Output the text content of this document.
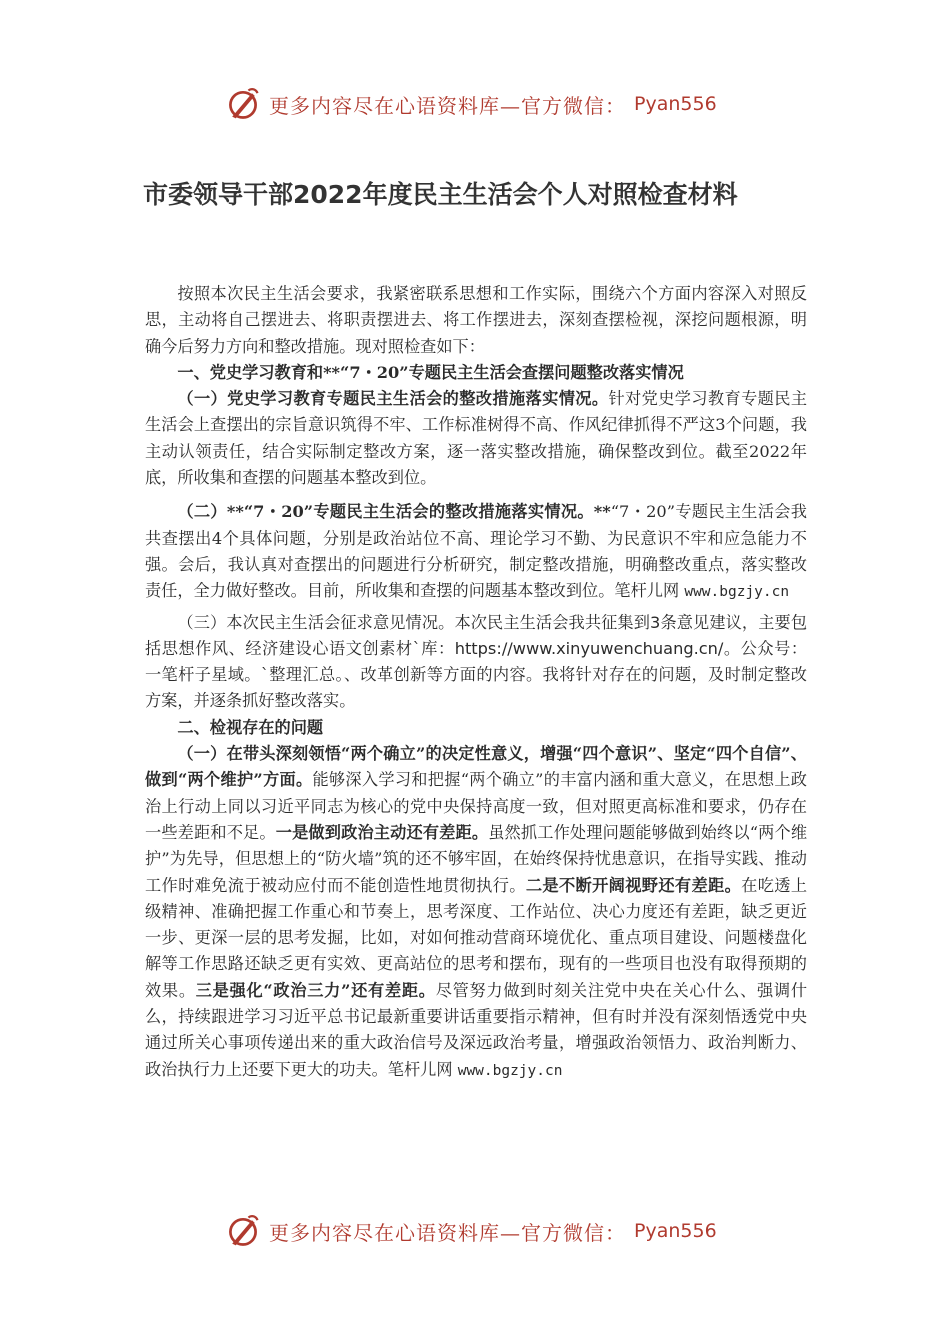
更多内容尽在心语资料库—官方微信： Pyan556
市委领导干部2022年度民主生活会个人对照检查材料

按照本次民主生活会要求，我紧密联系思想和工作实际，围绕六个方面内容深入对照反思，主动将自己摆进去、将职责摆进去、将工作摆进去，深刻查摆检视，深挖问题根源，明确今后努力方向和整改措施。现对照检查如下：

一、党史学习教育和**“7・20”专题民主生活会查摆问题整改落实情况

（一）党史学习教育专题民主生活会的整改措施落实情况。针对党史学习教育专题民主生活会上查摆出的宗旨意识筑得不牢、工作标准树得不高、作风纪律抓得不严这3个问题，我主动认领责任，结合实际制定整改方案，逐一落实整改措施，确保整改到位。截至2022年底，所收集和查摆的问题基本整改到位。

（二）**“7・20”专题民主生活会的整改措施落实情况。**“7・20”专题民主生活会我共查摆出4个具体问题，分别是政治站位不高、理论学习不勤、为民意识不牢和应急能力不强。会后，我认真对查摆出的问题进行分析研究，制定整改措施，明确整改重点，落实整改责任，全力做好整改。目前，所收集和查摆的问题基本整改到位。笔杆儿网 www.bgzjy.cn

（三）本次民主生活会征求意见情况。本次民主生活会我共征集到3条意见建议，主要包括思想作风、经济建设心语文创素材`库：https://www.xinyuwenchuang.cn/。公众号：一笔杆子星域。`整理汇总。、改革创新等方面的内容。我将针对存在的问题，及时制定整改方案，并逐条抓好整改落实。

二、检视存在的问题

（一）在带头深刻领悟“两个确立”的决定性意义，增强“四个意识”、坚定“四个自信”、做到“两个维护”方面。能够深入学习和把握“两个确立”的丰富内涵和重大意义，在思想上政治上行动上同以习近平同志为核心的党中央保持高度一致，但对照更高标准和要求，仍存在一些差距和不足。一是做到政治主动还有差距。虽然抓工作处理问题能够做到始终以“两个维护”为先导，但思想上的“防火墙”筑的还不够牢固，在始终保持忧患意识，在指导实践、推动工作时难免流于被动应付而不能创造性地贯彻执行。二是不断开阔视野还有差距。在吃透上级精神、准确把握工作重心和节奏上，思考深度、工作站位、决心力度还有差距，缺乏更近一步、更深一层的思考发掘，比如，对如何推动营商环境优化、重点项目建设、问题楼盘化解等工作思路还缺乏更有实效、更高站位的思考和摆布，现有的一些项目也没有取得预期的效果。三是强化“政治三力”还有差距。尽管努力做到时刻关注党中央在关心什么、强调什么，持续跟进学习习近平总书记最新重要讲话重要指示精神，但有时并没有深刻悟透党中央通过所关心事项传递出来的重大政治信号及深远政治考量，增强政治领悟力、政治判断力、政治执行力上还要下更大的功夫。笔杆儿网 www.bgzjy.cn

更多内容尽在心语资料库—官方微信： Pyan556
